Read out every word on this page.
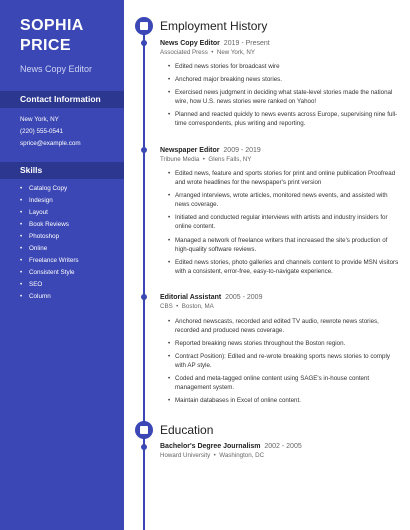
SOPHIA
PRICE
News Copy Editor
Contact Information
New York, NY
(220) 555-0541
sprice@example.com
Skills
• Catalog Copy
• Indesign
• Layout
• Book Reviews
• Photoshop
• Online
• Freelance Writers
• Consistent Style
• SEO
• Column
Employment History
News Copy Editor 2019 - Present
Associated Press  •  New York, NY
• Edited news stories for broadcast wire
• Anchored major breaking news stories.
• Exercised news judgment in deciding what state-level stories made the national wire, how U.S. news stories were ranked on Yahoo!
• Planned and reacted quickly to news events across Europe, supervising nine full-time correspondents, plus writing and reporting.
Newspaper Editor 2009 - 2019
Tribune Media  •  Glens Falls, NY
• Edited news, feature and sports stories for print and online publication Proofread and wrote headlines for the newspaper's print version
• Arranged interviews, wrote articles, monitored news events, and assisted with news coverage.
• Initiated and conducted regular interviews with artists and industry insiders for online content.
• Managed a network of freelance writers that increased the site's production of high-quality software reviews.
• Edited news stories, photo galleries and channels content to provide MSN visitors with a consistent, error-free, easy-to-navigate experience.
Editorial Assistant 2005 - 2009
CBS  •  Boston, MA
• Anchored newscasts, recorded and edited TV audio, rewrote news stories, recorded and produced news coverage.
• Reported breaking news stories throughout the Boston region.
• Contract Position): Edited and re-wrote breaking sports news stories to comply with AP style.
• Coded and meta-tagged online content using SAGE's in-house content management system.
• Maintain databases in Excel of online content.
Education
Bachelor's Degree Journalism 2002 - 2005
Howard University  •  Washington, DC
